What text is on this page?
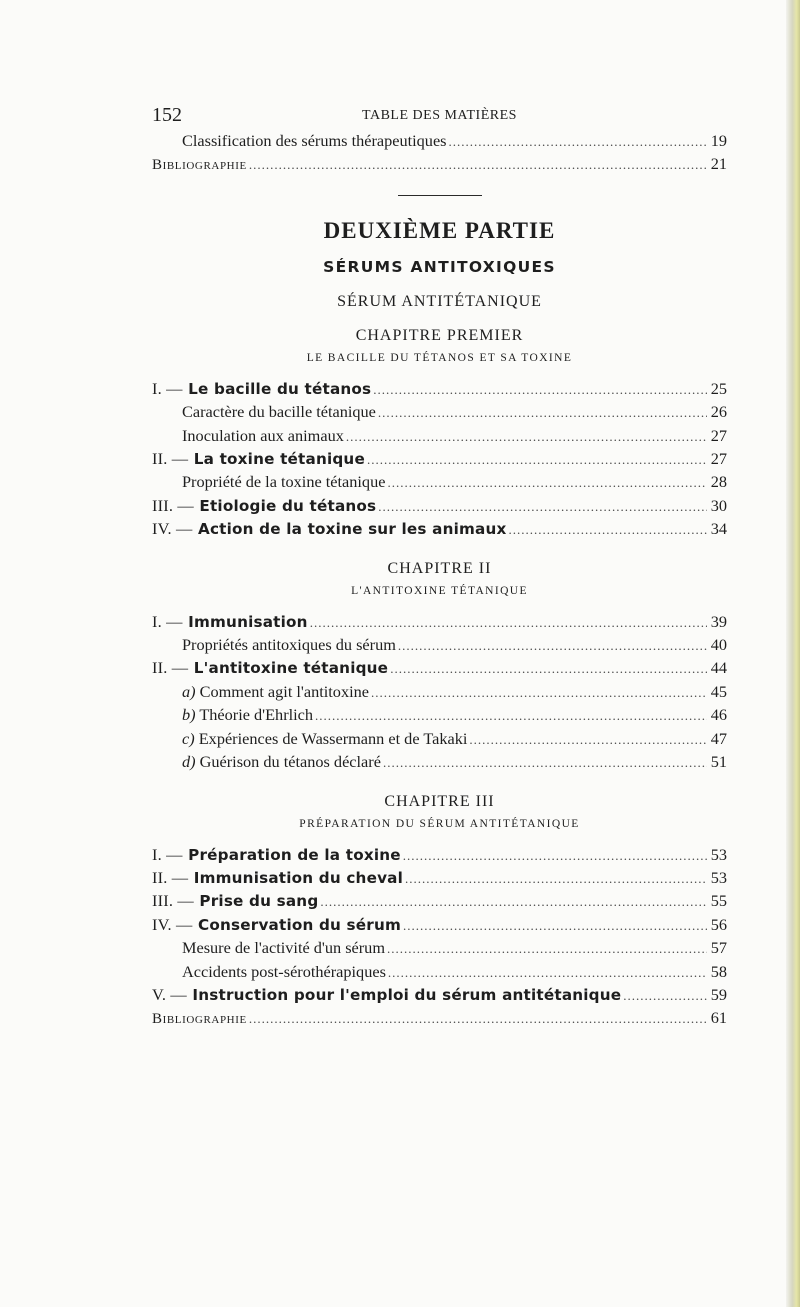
152	TABLE DES MATIÈRES
Classification des sérums thérapeutiques .....	19
Bibliographie .....	21
DEUXIÈME PARTIE
SÉRUMS ANTITOXIQUES
SÉRUM ANTITÉTANIQUE
CHAPITRE PREMIER
LE BACILLE DU TÉTANOS ET SA TOXINE
I. — Le bacille du tétanos .....	25
Caractère du bacille tétanique .....	26
Inoculation aux animaux .....	27
II. — La toxine tétanique .....	27
Propriété de la toxine tétanique .....	28
III. — Etiologie du tétanos .....	30
IV. — Action de la toxine sur les animaux .....	34
CHAPITRE II
L'ANTITOXINE TÉTANIQUE
I. — Immunisation .....	39
Propriétés antitoxiques du sérum .....	40
II. — L'antitoxine tétanique .....	44
a) Comment agit l'antitoxine .....	45
b) Théorie d'Ehrlich .....	46
c) Expériences de Wassermann et de Takaki .....	47
d) Guérison du tétanos déclaré .....	51
CHAPITRE III
PRÉPARATION DU SÉRUM ANTITÉTANIQUE
I. — Préparation de la toxine .....	53
II. — Immunisation du cheval .....	53
III. — Prise du sang .....	55
IV. — Conservation du sérum .....	56
Mesure de l'activité d'un sérum .....	57
Accidents post-sérothérapiques .....	58
V. — Instruction pour l'emploi du sérum antitétanique .....	59
Bibliographie .....	61
